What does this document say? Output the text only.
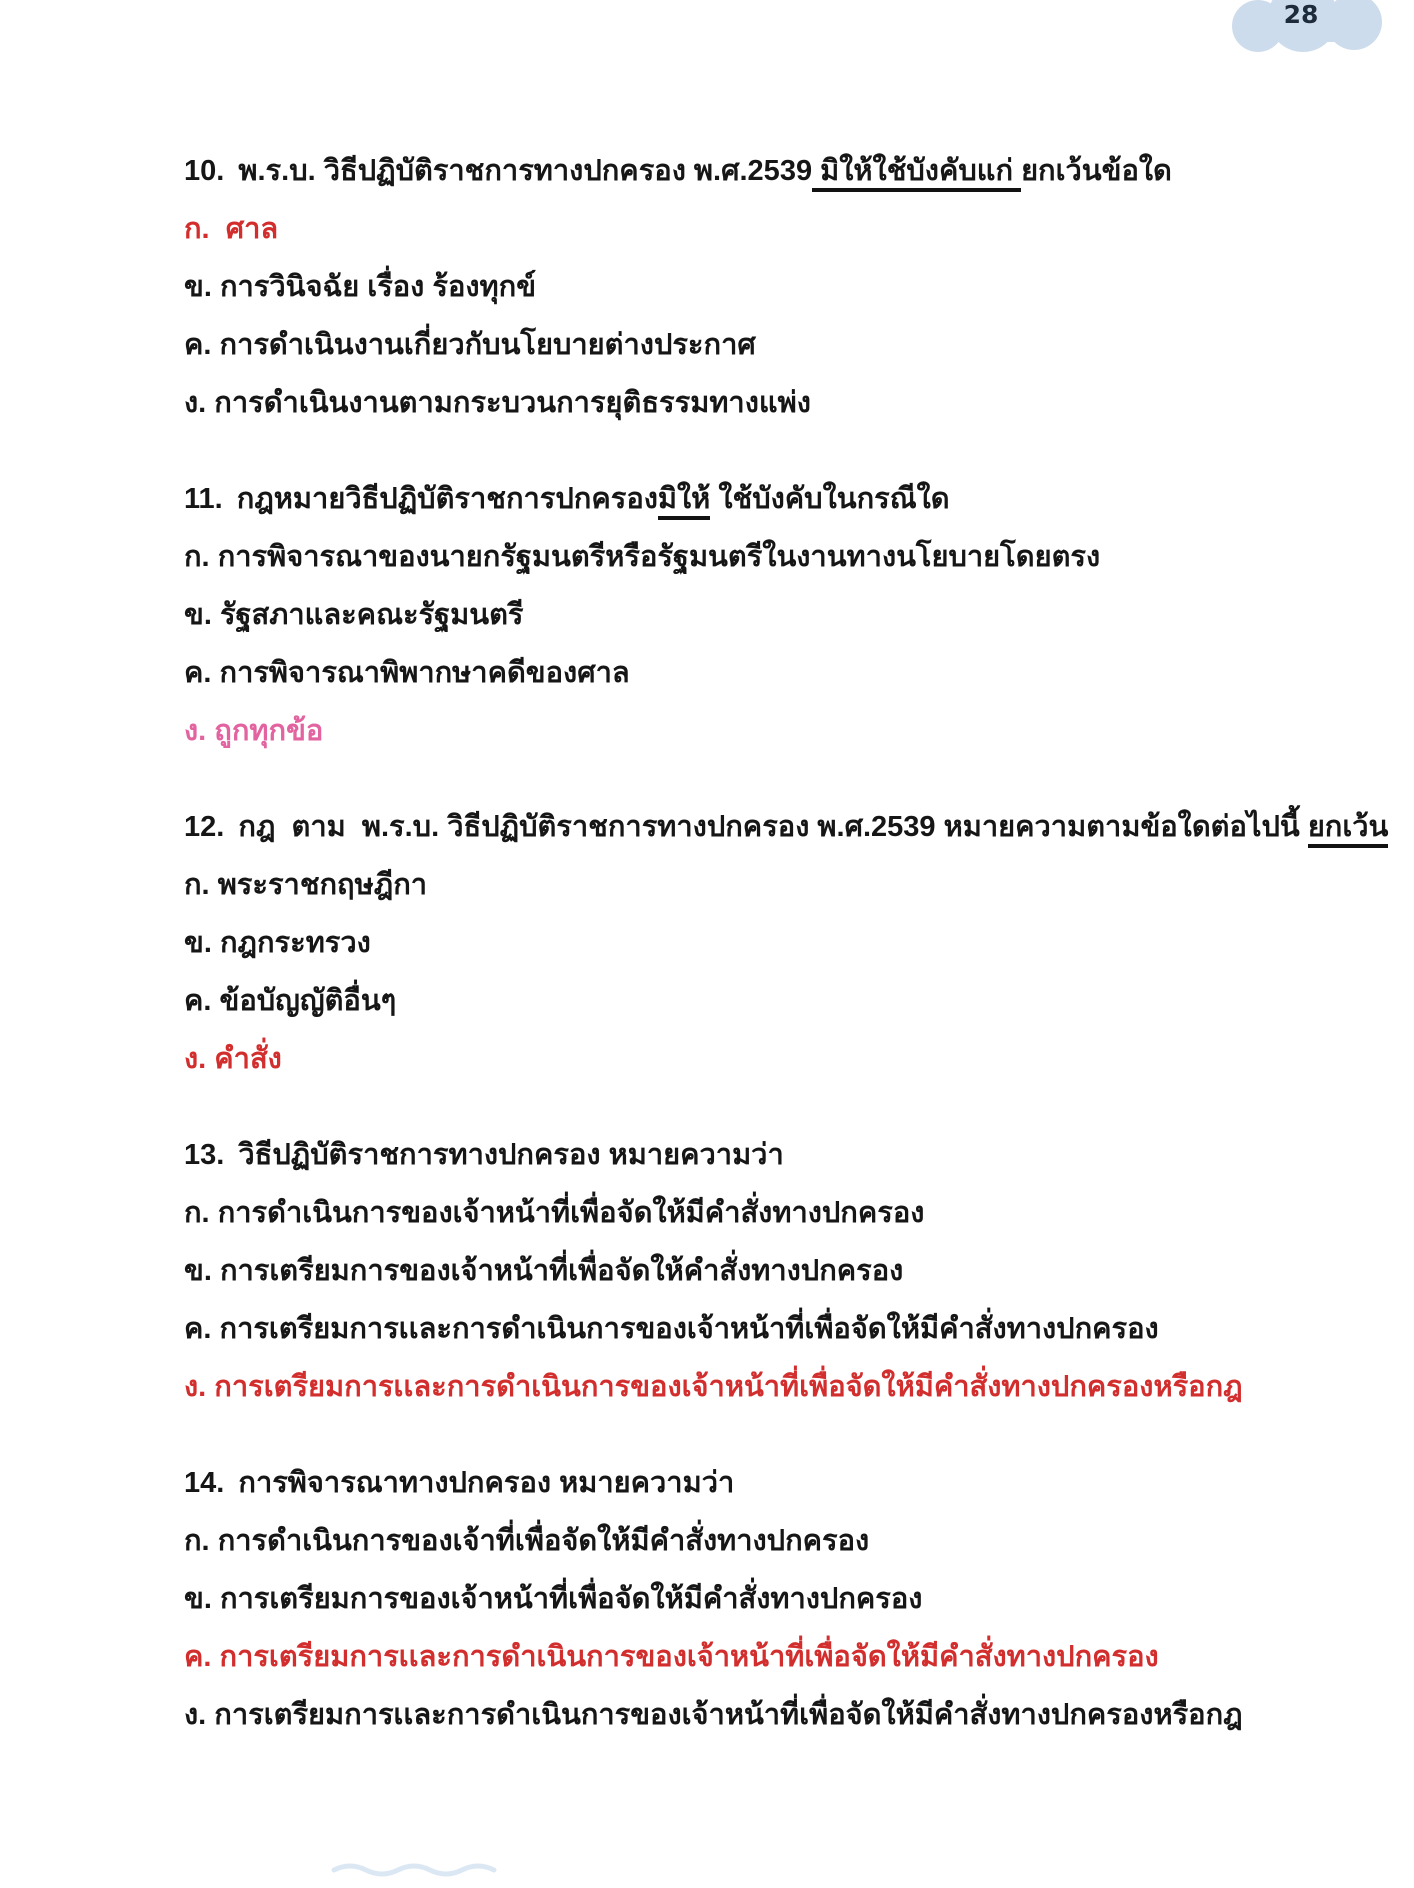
28
10. พ.ร.บ. วิธีปฏิบัติราชการทางปกครอง พ.ศ.2539 มิให้ใช้บังคับแก่ ยกเว้นข้อใด
ก.  ศาล
ข. การวินิจฉัย เรื่อง ร้องทุกข์
ค. การดำเนินงานเกี่ยวกับนโยบายต่างประกาศ
ง. การดำเนินงานตามกระบวนการยุติธรรมทางแพ่ง
11. กฎหมายวิธีปฏิบัติราชการปกครองมิให้ ใช้บังคับในกรณีใด
ก. การพิจารณาของนายกรัฐมนตรีหรือรัฐมนตรีในงานทางนโยบายโดยตรง
ข. รัฐสภาและคณะรัฐมนตรี
ค. การพิจารณาพิพากษาคดีของศาล
ง. ถูกทุกข้อ
12. กฎ  ตาม  พ.ร.บ. วิธีปฏิบัติราชการทางปกครอง พ.ศ.2539 หมายความตามข้อใดต่อไปนี้ ยกเว้น
ก. พระราชกฤษฎีกา
ข. กฎกระทรวง
ค. ข้อบัญญัติอื่นๆ
ง. คำสั่ง
13. วิธีปฏิบัติราชการทางปกครอง หมายความว่า
ก. การดำเนินการของเจ้าหน้าที่เพื่อจัดให้มีคำสั่งทางปกครอง
ข. การเตรียมการของเจ้าหน้าที่เพื่อจัดให้คำสั่งทางปกครอง
ค. การเตรียมการเเละการดำเนินการของเจ้าหน้าที่เพื่อจัดให้มีคำสั่งทางปกครอง
ง. การเตรียมการเเละการดำเนินการของเจ้าหน้าที่เพื่อจัดให้มีคำสั่งทางปกครองหรือกฎ
14. การพิจารณาทางปกครอง หมายความว่า
ก. การดำเนินการของเจ้าที่เพื่อจัดให้มีคำสั่งทางปกครอง
ข. การเตรียมการของเจ้าหน้าที่เพื่อจัดให้มีคำสั่งทางปกครอง
ค. การเตรียมการเเละการดำเนินการของเจ้าหน้าที่เพื่อจัดให้มีคำสั่งทางปกครอง
ง. การเตรียมการเเละการดำเนินการของเจ้าหน้าที่เพื่อจัดให้มีคำสั่งทางปกครองหรือกฎ
